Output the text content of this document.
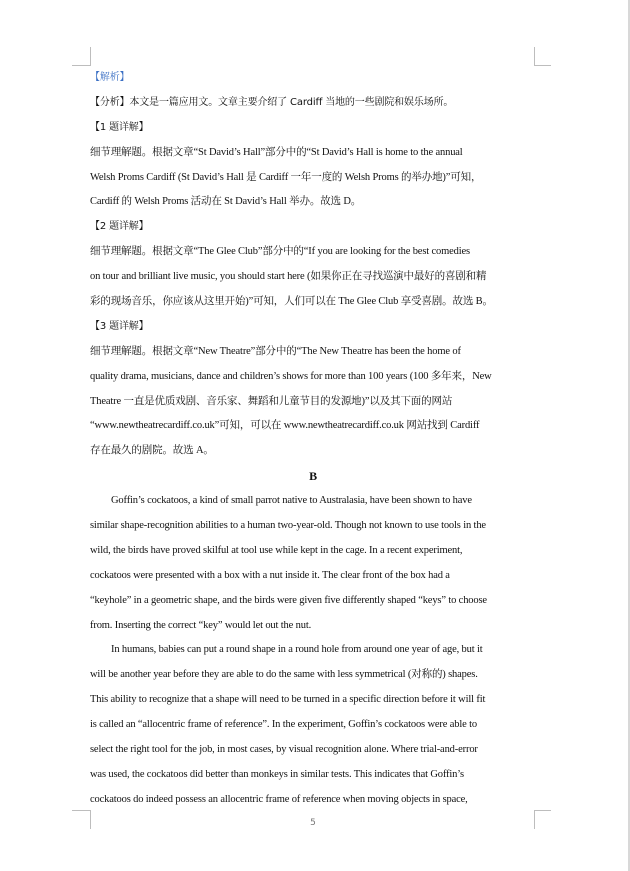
【解析】
【分析】本文是一篇应用文。文章主要介绍了 Cardiff 当地的一些剧院和娱乐场所。
【1 题详解】
细节理解题。根据文章“St David’s Hall”部分中的“St David’s Hall is home to the annual
Welsh Proms Cardiff (St David’s Hall 是 Cardiff 一年一度的 Welsh Proms 的举办地)”可知，
Cardiff 的 Welsh Proms 活动在 St David’s Hall 举办。故选 D。
【2 题详解】
细节理解题。根据文章“The Glee Club”部分中的“If you are looking for the best comedies
on tour and brilliant live music, you should start here (如果你正在寻找巡演中最好的喜剧和精
彩的现场音乐，你应该从这里开始)”可知，人们可以在 The Glee Club 享受喜剧。故选 B。
【3 题详解】
细节理解题。根据文章“New Theatre”部分中的“The New Theatre has been the home of
quality drama, musicians, dance and children’s shows for more than 100 years (100 多年来，New
Theatre 一直是优质戏剧、音乐家、舞蹈和儿童节目的发源地)”以及其下面的网站
“www.newtheatrecardiff.co.uk”可知，可以在 www.newtheatrecardiff.co.uk 网站找到 Cardiff
存在最久的剧院。故选 A。
B
Goffin’s cockatoos, a kind of small parrot native to Australasia, have been shown to have
similar shape-recognition abilities to a human two-year-old. Though not known to use tools in the
wild, the birds have proved skilful at tool use while kept in the cage. In a recent experiment,
cockatoos were presented with a box with a nut inside it. The clear front of the box had a
“keyhole” in a geometric shape, and the birds were given five differently shaped “keys” to choose
from. Inserting the correct “key” would let out the nut.
In humans, babies can put a round shape in a round hole from around one year of age, but it
will be another year before they are able to do the same with less symmetrical (对称的) shapes.
This ability to recognize that a shape will need to be turned in a specific direction before it will fit
is called an “allocentric frame of reference”. In the experiment, Goffin’s cockatoos were able to
select the right tool for the job, in most cases, by visual recognition alone. Where trial-and-error
was used, the cockatoos did better than monkeys in similar tests. This indicates that Goffin’s
cockatoos do indeed possess an allocentric frame of reference when moving objects in space,
5
